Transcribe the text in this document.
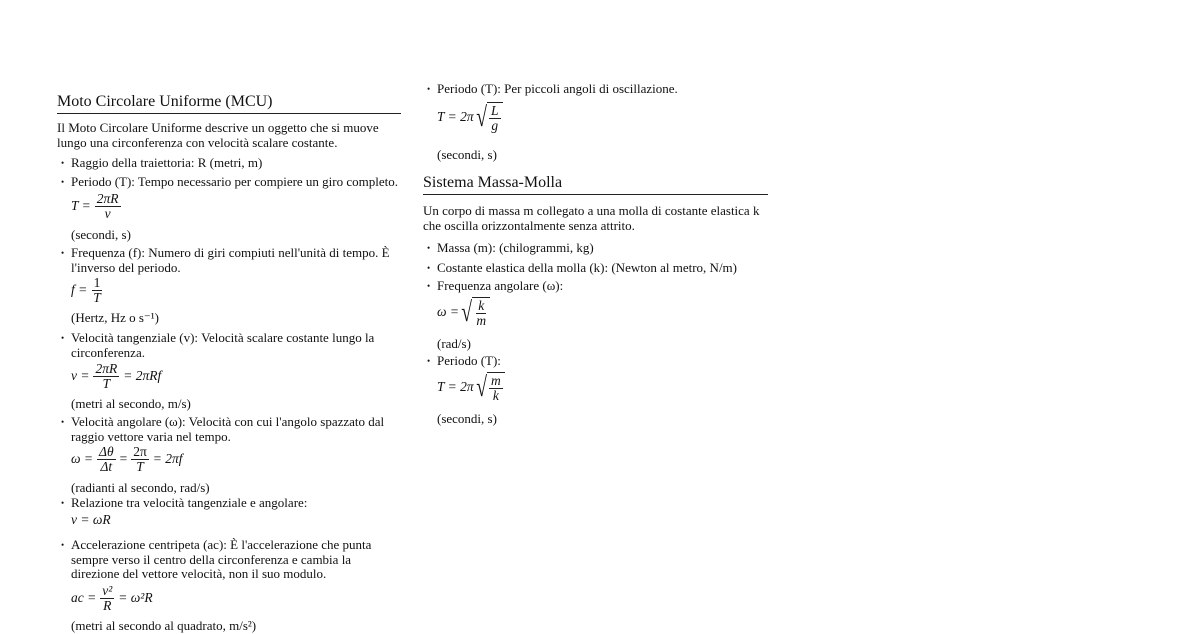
Moto Circolare Uniforme (MCU)
Il Moto Circolare Uniforme descrive un oggetto che si muove lungo una circonferenza con velocità scalare costante.
• Raggio della traiettoria: R (metri, m)
• Periodo (T): Tempo necessario per compiere un giro completo.
$T = \frac{2\pi R}{v}$
(secondi, s)
• Frequenza (f): Numero di giri compiuti nell'unità di tempo. È l'inverso del periodo.
$f = \frac{1}{T}$
(Hertz, Hz o s⁻¹)
• Velocità tangenziale (v): Velocità scalare costante lungo la circonferenza.
$v = \frac{2\pi R}{T} = 2\pi Rf$
(metri al secondo, m/s)
• Velocità angolare (ω): Velocità con cui l'angolo spazzato dal raggio vettore varia nel tempo.
$\omega = \frac{\Delta\theta}{\Delta t} = \frac{2\pi}{T} = 2\pi f$
(radianti al secondo, rad/s)
• Relazione tra velocità tangenziale e angolare:
v = ωR
• Accelerazione centripeta (ac): È l'accelerazione che punta sempre verso il centro della circonferenza e cambia la direzione del vettore velocità, non il suo modulo.
ac = $\frac{\text{v²}}{R} = \omega^2R$
(metri al secondo al quadrato, m/s²)
• Periodo (T): Per piccoli angoli di oscillazione.
T = 2π √ $\frac{L}{g}$
(secondi, s)
Sistema Massa-Molla
Un corpo di massa m collegato a una molla di costante elastica k che oscilla orizzontalmente senza attrito.
• Massa (m): (chilogrammi, kg)
• Costante elastica della molla (k): (Newton al metro, N/m)
• Frequenza angolare (ω):
ω = √ $\frac{k}{m}$
(rad/s)
• Periodo (T):
T = 2π √ $\frac{m}{k}$
(secondi, s)
